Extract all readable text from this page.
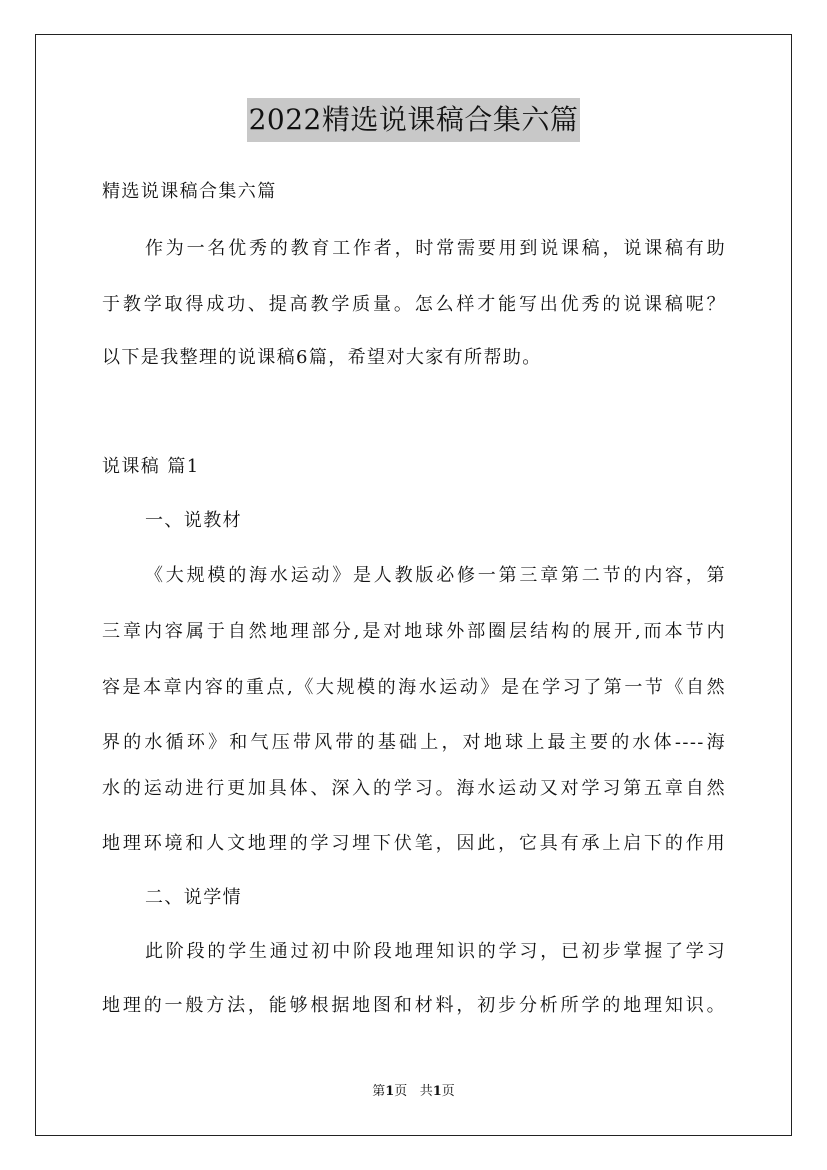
2022精选说课稿合集六篇
精选说课稿合集六篇
作为一名优秀的教育工作者，时常需要用到说课稿，说课稿有助
于教学取得成功、提高教学质量。怎么样才能写出优秀的说课稿呢？
以下是我整理的说课稿6篇，希望对大家有所帮助。
说课稿 篇1
一、说教材
《大规模的海水运动》是人教版必修一第三章第二节的内容，第
三章内容属于自然地理部分,是对地球外部圈层结构的展开,而本节内
容是本章内容的重点,《大规模的海水运动》是在学习了第一节《自然
界的水循环》和气压带风带的基础上，对地球上最主要的水体----海
水的运动进行更加具体、深入的学习。海水运动又对学习第五章自然
地理环境和人文地理的学习埋下伏笔，因此，它具有承上启下的作用
二、说学情
此阶段的学生通过初中阶段地理知识的学习，已初步掌握了学习
地理的一般方法，能够根据地图和材料，初步分析所学的地理知识。
第1页 共1页
